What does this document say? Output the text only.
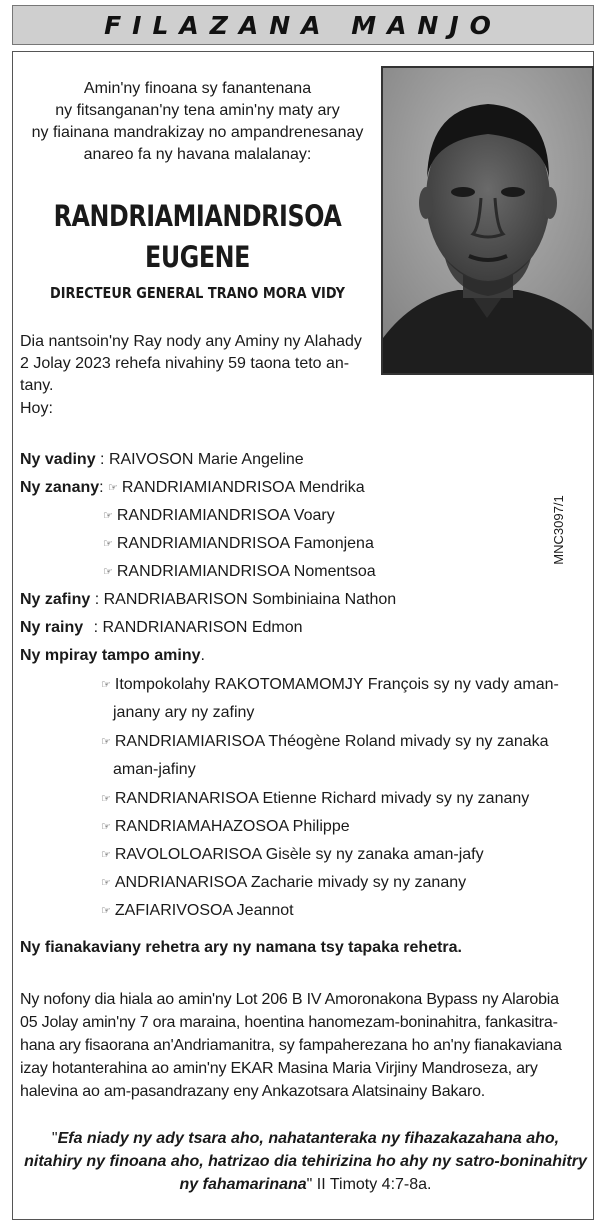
FILAZANA MANJO
Amin'ny finoana sy fanantenana
ny fitsanganan'ny tena amin'ny maty ary
ny fiainana mandrakizay no ampandrenesanay
anareo fa ny havana malalanay:
RANDRIAMIANDRISOA
EUGENE
DIRECTEUR GENERAL TRANO MORA VIDY
Dia nantsoin'ny Ray nody any Aminy ny Alahady
2 Jolay 2023 rehefa nivahiny 59 taona teto an-tany.
Hoy:
MNC3097/1
Ny vadiny : RAIVOSON Marie Angeline
Ny zanany: ☞ RANDRIAMIANDRISOA Mendrika
☞ RANDRIAMIANDRISOA Voary
☞ RANDRIAMIANDRISOA Famonjena
☞ RANDRIAMIANDRISOA Nomentsoa
Ny zafiny : RANDRIABARISON Sombiniaina Nathon
Ny rainy : RANDRIANARISON Edmon
Ny mpiray tampo aminy.
☞ Itompokolahy RAKOTOMAMOMJY François sy ny vady aman-
janany ary ny zafiny
☞ RANDRIAMIARISOA Théogène Roland mivady sy ny zanaka
aman-jafiny
☞ RANDRIANARISOA Etienne Richard mivady sy ny zanany
☞ RANDRIAMAHAZOSOA Philippe
☞ RAVOLOLOARISOA Gisèle sy ny zanaka aman-jafy
☞ ANDRIANARISOA Zacharie mivady sy ny zanany
☞ ZAFIARIVOSOA Jeannot
Ny fianakaviany rehetra ary ny namana tsy tapaka rehetra.
Ny nofony dia hiala ao amin'ny Lot 206 B IV Amoronakona Bypass ny Alarobia
05 Jolay amin'ny 7 ora maraina, hoentina hanomezam-boninahitra, fankasitra-
hana ary fisaorana an'Andriamanitra, sy fampaherezana ho an'ny fianakaviana
izay hotanterahina ao amin'ny EKAR Masina Maria Virjiny Mandroseza, ary
halevina ao am-pasandrazany eny Ankazotsara Alatsinainy Bakaro.
"Efa niady ny ady tsara aho, nahatanteraka ny fihazakazahana aho,
nitahiry ny finoana aho, hatrizao dia tehirizina ho ahy ny satro-boninahitry
ny fahamarinana" II Timoty 4:7-8a.
